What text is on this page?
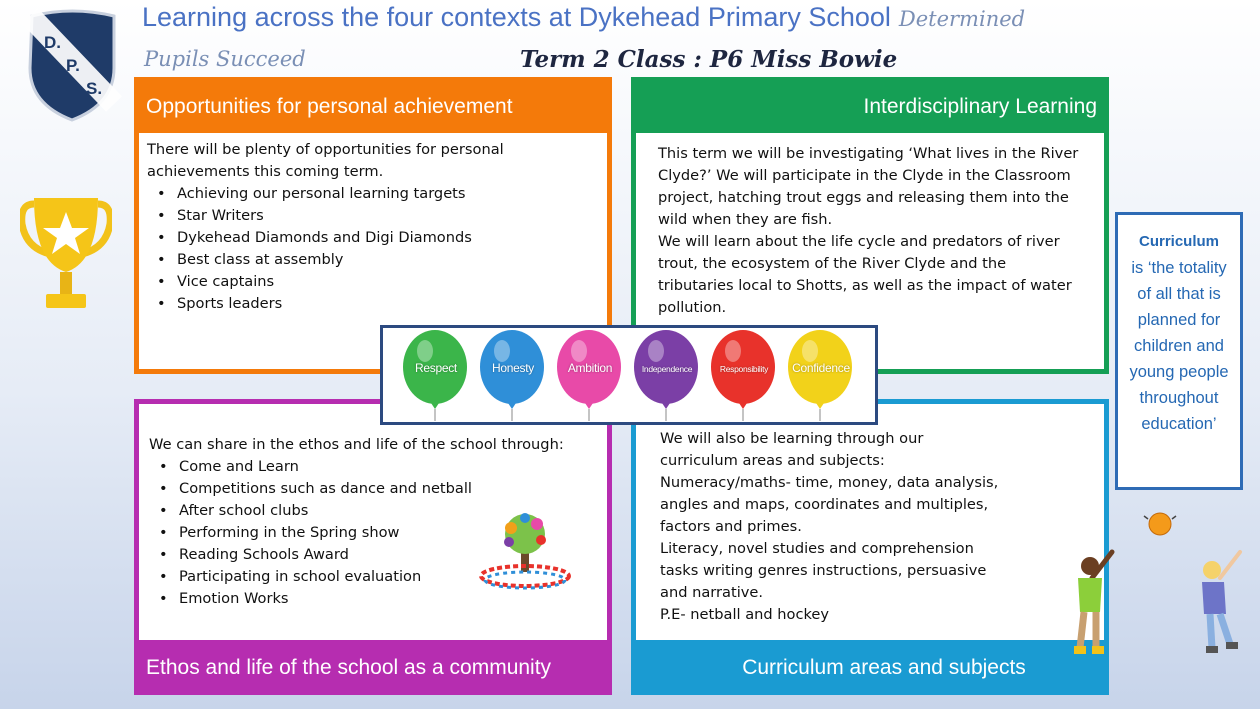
D.
P.
S.
Learning across the four contexts at Dykehead Primary School Determined
Pupils Succeed	Term 2 Class : P6 Miss Bowie
Opportunities for personal achievement

There will be plenty of opportunities for personal achievements this coming term.

• Achieving our personal learning targets
• Star Writers
• Dykehead Diamonds and Digi Diamonds
• Best class at assembly
• Vice captains
• Sports leaders
Interdisciplinary Learning

This term we will be investigating ‘What lives in the River Clyde?’ We will participate in the Clyde in the Classroom project, hatching trout eggs and releasing them into the wild when they are fish.

We will learn about the life cycle and predators of river trout, the ecosystem of the River Clyde and the tributaries local to Shotts, as well as the impact of water pollution.

We can share in the ethos and life of the school through:

• Come and Learn
• Competitions such as dance and netball
• After school clubs
• Performing in the Spring show
• Reading Schools Award
• Participating in school evaluation
• Emotion Works
Ethos and life of the school as a community

We will also be learning through our curriculum areas and subjects:

Numeracy/maths- time, money, data analysis, angles and maps, coordinates and multiples, factors and primes.

Literacy, novel studies and comprehension tasks writing genres instructions, persuasive and narrative.

P.E- netball and hockey

Curriculum areas and subjects
Respect	Honesty	Ambition	Independence	Responsibility	Confidence
Curriculum
is ‘the totality of all that is planned for children and young people throughout education’
